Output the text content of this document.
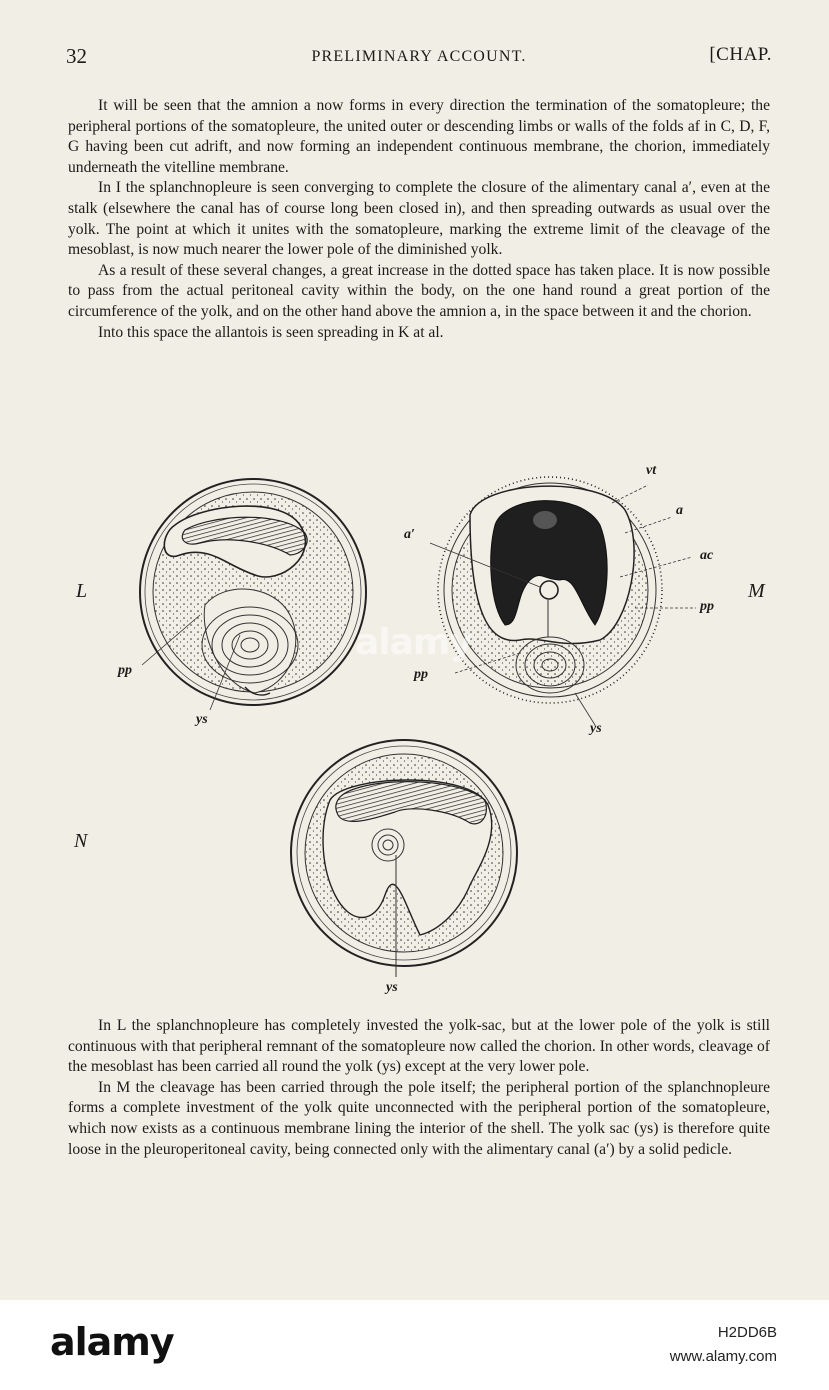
32	PRELIMINARY ACCOUNT.	[CHAP.

It will be seen that the amnion a now forms in every direction the termination of the somatopleure; the peripheral portions of the somatopleure, the united outer or descending limbs or walls of the folds af in C, D, F, G having been cut adrift, and now forming an independent continuous membrane, the chorion, immediately underneath the vitelline membrane.

In I the splanchnopleure is seen converging to complete the closure of the alimentary canal a′, even at the stalk (elsewhere the canal has of course long been closed in), and then spreading outwards as usual over the yolk. The point at which it unites with the somatopleure, marking the extreme limit of the cleavage of the mesoblast, is now much nearer the lower pole of the diminished yolk.

As a result of these several changes, a great increase in the dotted space has taken place. It is now possible to pass from the actual peritoneal cavity within the body, on the one hand round a great portion of the circumference of the yolk, and on the other hand above the amnion a, in the space between it and the chorion.

Into this space the allantois is seen spreading in K at al.

L	M
N
pp
ys
vt
a
a′
ac
pp
pp
ys
ys

In L the splanchnopleure has completely invested the yolk-sac, but at the lower pole of the yolk is still continuous with that peripheral remnant of the somatopleure now called the chorion. In other words, cleavage of the mesoblast has been carried all round the yolk (ys) except at the very lower pole.

In M the cleavage has been carried through the pole itself; the peripheral portion of the splanchnopleure forms a complete investment of the yolk quite unconnected with the peripheral portion of the somatopleure, which now exists as a continuous membrane lining the interior of the shell. The yolk sac (ys) is therefore quite loose in the pleuroperitoneal cavity, being connected only with the alimentary canal (a′) by a solid pedicle.

alamy
alamy	H2DD6B
www.alamy.com
